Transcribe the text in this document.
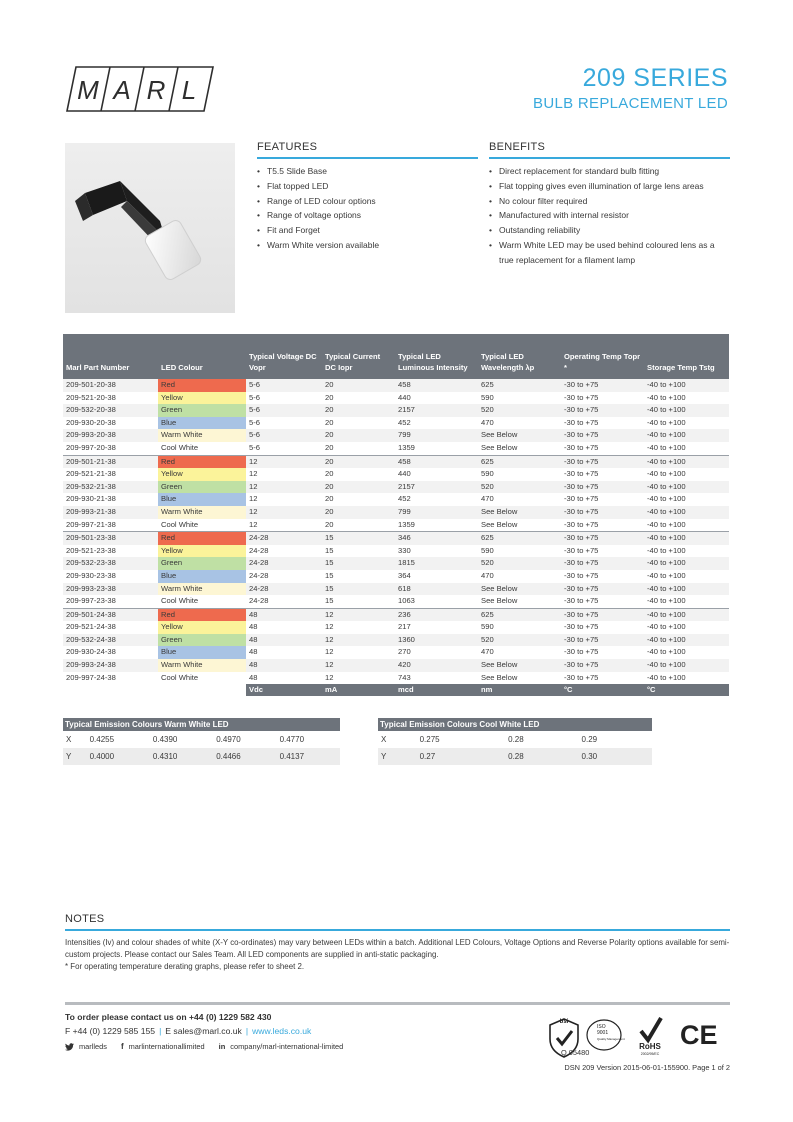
M A R L	209 SERIES
BULB REPLACEMENT LED
FEATURES
• T5.5 Slide Base
• Flat topped LED
• Range of LED colour options
• Range of voltage options
• Fit and Forget
• Warm White version available
BENEFITS
• Direct replacement for standard bulb fitting
• Flat topping gives even illumination of large lens areas
• No colour filter required
• Manufactured with internal resistor
• Outstanding reliability
• Warm White LED may be used behind coloured lens as a
true replacement for a filament lamp
Marl Part Number	LED Colour	Typical Voltage DC Vopr	Typical Current DC Iopr	Typical LED Luminous Intensity	Typical LED Wavelength λp	Operating Temp Topr *	Storage Temp Tstg
209-501-20-38	Red	5-6	20	458	625	-30 to +75	-40 to +100
209-521-20-38	Yellow	5-6	20	440	590	-30 to +75	-40 to +100
209-532-20-38	Green	5-6	20	2157	520	-30 to +75	-40 to +100
209-930-20-38	Blue	5-6	20	452	470	-30 to +75	-40 to +100
209-993-20-38	Warm White	5-6	20	799	See Below	-30 to +75	-40 to +100
209-997-20-38	Cool White	5-6	20	1359	See Below	-30 to +75	-40 to +100
209-501-21-38	Red	12	20	458	625	-30 to +75	-40 to +100
209-521-21-38	Yellow	12	20	440	590	-30 to +75	-40 to +100
209-532-21-38	Green	12	20	2157	520	-30 to +75	-40 to +100
209-930-21-38	Blue	12	20	452	470	-30 to +75	-40 to +100
209-993-21-38	Warm White	12	20	799	See Below	-30 to +75	-40 to +100
209-997-21-38	Cool White	12	20	1359	See Below	-30 to +75	-40 to +100
209-501-23-38	Red	24-28	15	346	625	-30 to +75	-40 to +100
209-521-23-38	Yellow	24-28	15	330	590	-30 to +75	-40 to +100
209-532-23-38	Green	24-28	15	1815	520	-30 to +75	-40 to +100
209-930-23-38	Blue	24-28	15	364	470	-30 to +75	-40 to +100
209-993-23-38	Warm White	24-28	15	618	See Below	-30 to +75	-40 to +100
209-997-23-38	Cool White	24-28	15	1063	See Below	-30 to +75	-40 to +100
209-501-24-38	Red	48	12	236	625	-30 to +75	-40 to +100
209-521-24-38	Yellow	48	12	217	590	-30 to +75	-40 to +100
209-532-24-38	Green	48	12	1360	520	-30 to +75	-40 to +100
209-930-24-38	Blue	48	12	270	470	-30 to +75	-40 to +100
209-993-24-38	Warm White	48	12	420	See Below	-30 to +75	-40 to +100
209-997-24-38	Cool White	48	12	743	See Below	-30 to +75	-40 to +100
		Vdc	mA	mcd	nm	°C	°C
Typical Emission Colours Warm White LED				
X	0.4255	0.4390	0.4970	0.4770
Y	0.4000	0.4310	0.4466	0.4137
Typical Emission Colours Cool White LED			
X	0.275	0.28	0.29
Y	0.27	0.28	0.30
NOTES
Intensities (Iv) and colour shades of white (X-Y co-ordinates) may vary between LEDs within a batch. Additional LED Colours, Voltage Options and Reverse Polarity options available for semi-custom projects. Please contact our Sales Team. All LED components are supplied in anti-static packaging.
* For operating temperature derating graphs, please refer to sheet 2.
To order please contact us on +44 (0) 1229 582 430
F +44 (0) 1229 585 155 | E sales@marl.co.uk | www.leds.co.uk
marlleds f marlinternationallimited in company/marl-international-limited
bsi
ISO
9001
Quality Management
RoHS
2002/95/EC
CE
Q 05480
DSN 209 Version 2015-06-01-155900. Page 1 of 2
